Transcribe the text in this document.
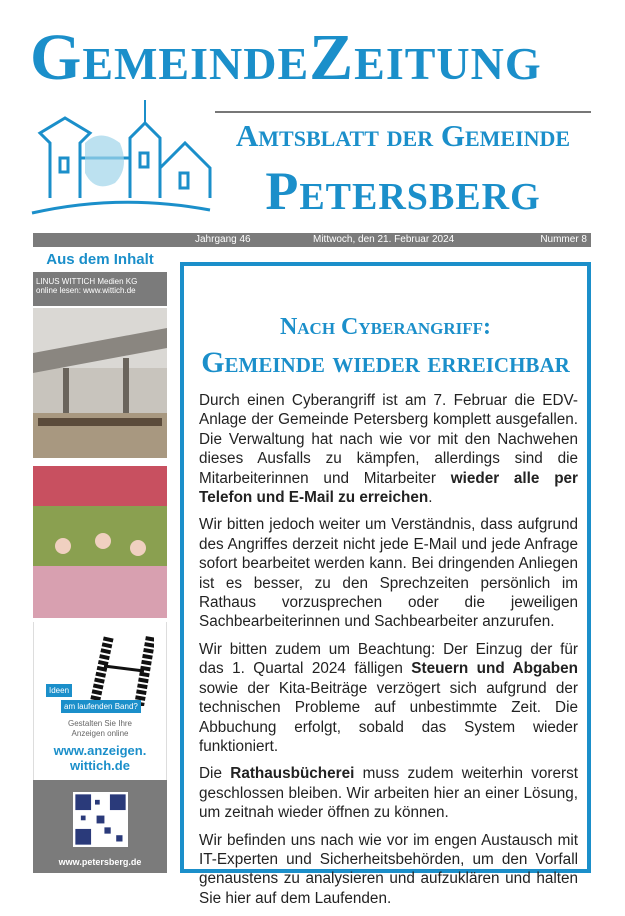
GemeindeZeitung
Amtsblatt der Gemeinde
Petersberg
Jahrgang 46	Mittwoch, den 21. Februar 2024	Nummer 8
Aus dem Inhalt
LINUS WITTICH Medien KG
online lesen: www.wittich.de
Ideen
am laufenden Band?
Gestalten Sie Ihre
Anzeigen online
www.anzeigen.
wittich.de
www.petersberg.de
Nach Cyberangriff:
Gemeinde wieder erreichbar

Durch einen Cyberangriff ist am 7. Februar die EDV-Anlage der Gemeinde Petersberg komplett ausgefallen. Die Verwaltung hat nach wie vor mit den Nachwehen dieses Ausfalls zu kämpfen, allerdings sind die Mitarbeiterinnen und Mitarbeiter wieder alle per Telefon und E-Mail zu erreichen.

Wir bitten jedoch weiter um Verständnis, dass aufgrund des Angriffes derzeit nicht jede E-Mail und jede Anfrage sofort bearbeitet werden kann. Bei dringenden Anliegen ist es besser, zu den Sprechzeiten persönlich im Rathaus vorzusprechen oder die jeweiligen Sachbearbeiterinnen und Sachbearbeiter anzurufen.

Wir bitten zudem um Beachtung: Der Einzug der für das 1. Quartal 2024 fälligen Steuern und Abgaben sowie der Kita-Beiträge verzögert sich aufgrund der technischen Probleme auf unbestimmte Zeit. Die Abbuchung erfolgt, sobald das System wieder funktioniert.

Die Rathausbücherei muss zudem weiterhin vorerst geschlossen bleiben. Wir arbeiten hier an einer Lösung, um zeitnah wieder öffnen zu können.

Wir befinden uns nach wie vor im engen Austausch mit IT-Experten und Sicherheitsbehörden, um den Vorfall genaustens zu analysieren und aufzuklären und halten Sie hier auf dem Laufenden.
